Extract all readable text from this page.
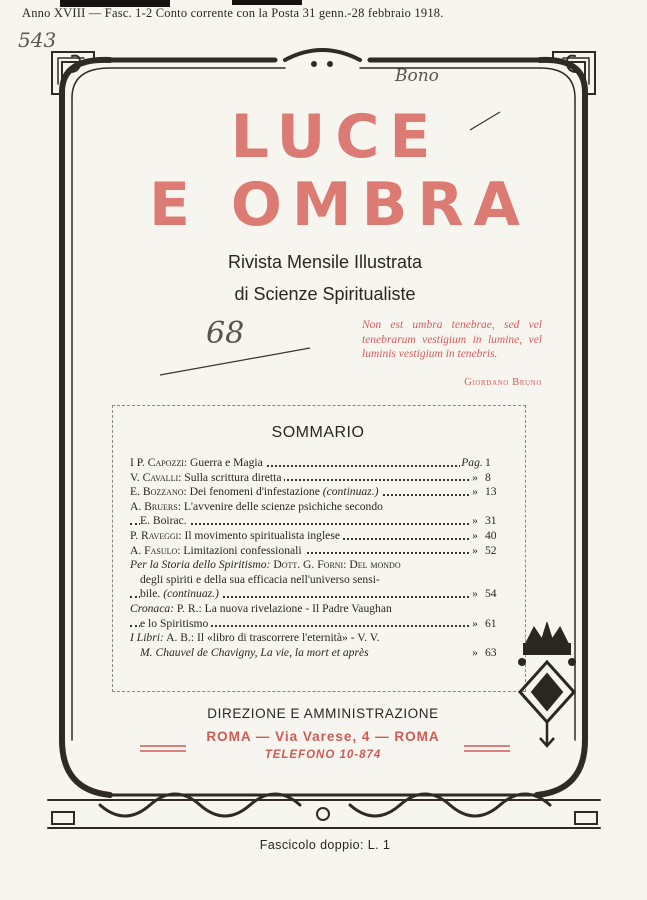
Anno XVIII — Fasc. 1-2 Conto corrente con la Posta 31 genn.-28 febbraio 1918.
543
Bono
68
LUCE
E OMBRA
Rivista Mensile Illustrata
di Scienze Spiritualiste
Non est umbra tenebrae, sed vel tenebrarum vestigium in lumine, vel luminis vestigium in tenebris.
Giordano Bruno
SOMMARIO
I P. Capozzi: Guerra e Magia	Pag. 1
V. Cavalli: Sulla scrittura diretta	» 8
E. Bozzano: Dei fenomeni d'infestazione (continuaz.)	» 13
A. Bruers: L'avvenire delle scienze psichiche secondo
E. Boirac.	» 31
P. Raveggi: Il movimento spiritualista inglese	» 40
A. Fasulo: Limitazioni confessionali	» 52
Per la Storia dello Spiritismo: Dott. G. Forni: Del mondo
degli spiriti e della sua efficacia nell'universo sensi-
bile. (continuaz.)	» 54
Cronaca: P. R.: La nuova rivelazione - Il Padre Vaughan
e lo Spiritismo	» 61
I Libri: A. B.: Il «libro di trascorrere l'eternità» - V. V.
M. Chauvel de Chavigny, La vie, la mort et après	» 63
DIREZIONE E AMMINISTRAZIONE
ROMA — Via Varese, 4 — ROMA
TELEFONO 10-874
Fascicolo doppio: L. 1
